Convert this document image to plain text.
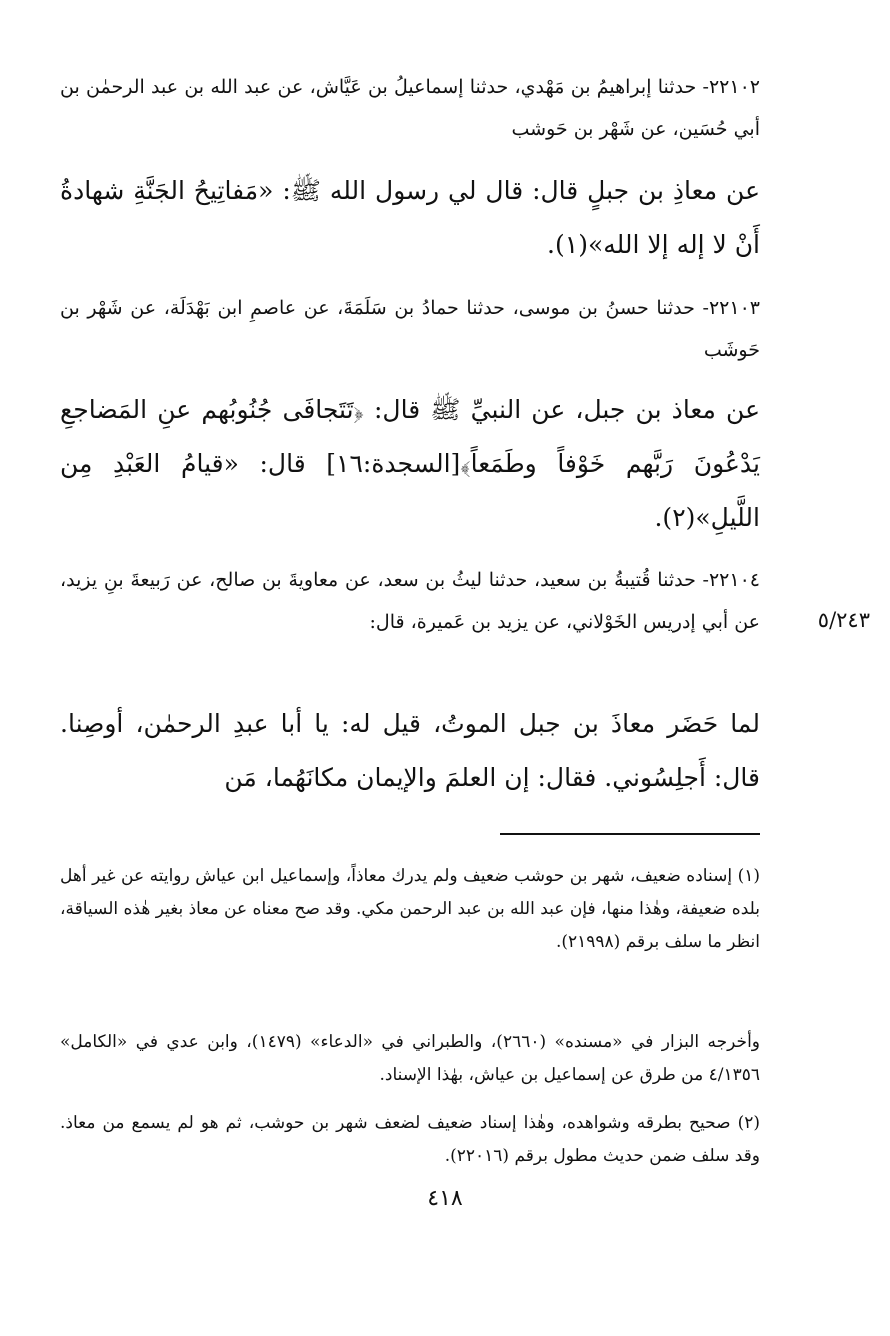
٢٢١٠٢- حدثنا إبراهيمُ بن مَهْدي، حدثنا إسماعيلُ بن عَيَّاش، عن عبد الله بن عبد الرحمٰن بن أبي حُسَين، عن شَهْر بن حَوشب
عن معاذِ بن جبلٍ قال: قال لي رسول الله ﷺ: «مَفاتِيحُ الجَنَّةِ شهادةُ أَنْ لا إله إلا الله»(١).
٢٢١٠٣- حدثنا حسنُ بن موسى، حدثنا حمادُ بن سَلَمَةَ، عن عاصمِ ابن بَهْدَلَة، عن شَهْر بن حَوشَب
عن معاذ بن جبل، عن النبيِّ ﷺ قال: ﴿تَتَجافَى جُنُوبُهم عنِ المَضاجعِ يَدْعُونَ رَبَّهم خَوْفاً وطَمَعاً﴾[السجدة:١٦] قال: «قيامُ العَبْدِ مِن اللَّيلِ»(٢).
٢٢١٠٤- حدثنا قُتيبةُ بن سعيد، حدثنا ليثُ بن سعد، عن معاويةَ بن صالح، عن رَبيعةَ بنِ يزيد، عن أبي إدريس الخَوْلاني، عن يزيد بن عَميرة، قال:	٥/٢٤٣
لما حَضَر معاذَ بن جبل الموتُ، قيل له: يا أبا عبدِ الرحمٰن، أوصِنا. قال: أَجلِسُوني. فقال: إن العلمَ والإيمان مكانَهُما، مَن
(١) إسناده ضعيف، شهر بن حوشب ضعيف ولم يدرك معاذاً، وإسماعيل ابن عياش روايته عن غير أهل بلده ضعيفة، وهٰذا منها، فإن عبد الله بن عبد الرحمن مكي. وقد صح معناه عن معاذ بغير هٰذه السياقة، انظر ما سلف برقم (٢١٩٩٨).
وأخرجه البزار في «مسنده» (٢٦٦٠)، والطبراني في «الدعاء» (١٤٧٩)، وابن عدي في «الكامل» ٤/١٣٥٦ من طرق عن إسماعيل بن عياش، بهٰذا الإسناد.
(٢) صحيح بطرقه وشواهده، وهٰذا إسناد ضعيف لضعف شهر بن حوشب، ثم هو لم يسمع من معاذ. وقد سلف ضمن حديث مطول برقم (٢٢٠١٦).
٤١٨
